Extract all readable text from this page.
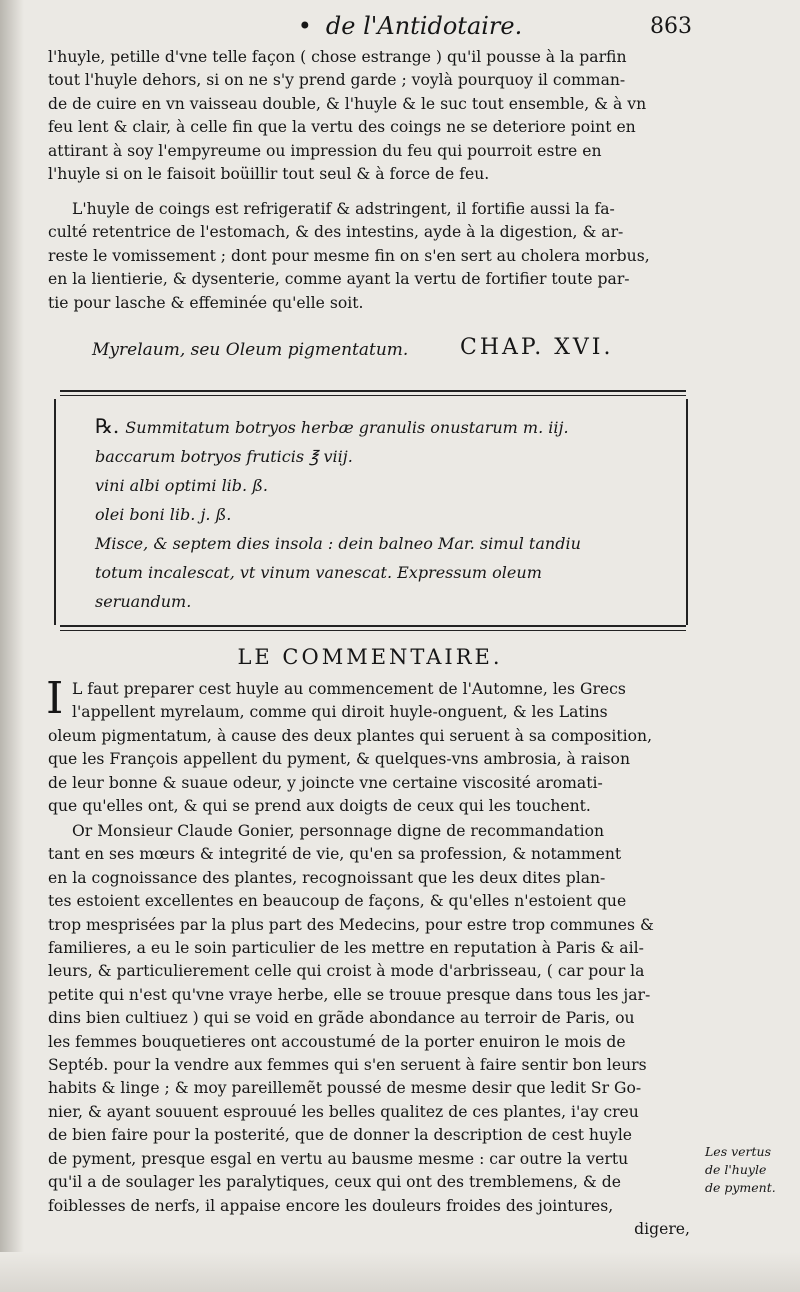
• de l'Antidotaire.	863
l'huyle, petille d'vne telle façon ( chose estrange ) qu'il pousse à la parfin
tout l'huyle dehors, si on ne s'y prend garde ; voylà pourquoy il comman-
de de cuire en vn vaisseau double, & l'huyle & le suc tout ensemble, & à vn
feu lent & clair, à celle fin que la vertu des coings ne se deteriore point en
attirant à soy l'empyreume ou impression du feu qui pourroit estre en
l'huyle si on le faisoit boüillir tout seul & à force de feu.
L'huyle de coings est refrigeratif & adstringent, il fortifie aussi la fa-
culté retentrice de l'estomach, & des intestins, ayde à la digestion, & ar-
reste le vomissement ; dont pour mesme fin on s'en sert au cholera morbus,
en la lientierie, & dysenterie, comme ayant la vertu de fortifier toute par-
tie pour lasche & effeminée qu'elle soit.
Myrelaum, seu Oleum pigmentatum. CHAP. XVI.
℞. Summitatum botryos herbæ granulis onustarum m. iij.
baccarum botryos fruticis ℥ viij.
vini albi optimi lib. ß.
olei boni lib. j. ß.
Misce, & septem dies insola : dein balneo Mar. simul tandiu
totum incalescat, vt vinum vanescat. Expressum oleum
seruandum.
LE COMMENTAIRE.
I L faut preparer cest huyle au commencement de l'Automne, les Grecs
l'appellent myrelaum, comme qui diroit huyle-onguent, & les Latins
oleum pigmentatum, à cause des deux plantes qui seruent à sa composition,
que les François appellent du pyment, & quelques-vns ambrosia, à raison
de leur bonne & suaue odeur, y joincte vne certaine viscosité aromati-
que qu'elles ont, & qui se prend aux doigts de ceux qui les touchent.
Or Monsieur Claude Gonier, personnage digne de recommandation
tant en ses mœurs & integrité de vie, qu'en sa profession, & notamment
en la cognoissance des plantes, recognoissant que les deux dites plan-
tes estoient excellentes en beaucoup de façons, & qu'elles n'estoient que
trop mesprisées par la plus part des Medecins, pour estre trop communes &
familieres, a eu le soin particulier de les mettre en reputation à Paris & ail-
leurs, & particulierement celle qui croist à mode d'arbrisseau, ( car pour la
petite qui n'est qu'vne vraye herbe, elle se trouue presque dans tous les jar-
dins bien cultiuez ) qui se void en grãde abondance au terroir de Paris, ou
les femmes bouquetieres ont accoustumé de la porter enuiron le mois de
Septéb. pour la vendre aux femmes qui s'en seruent à faire sentir bon leurs
habits & linge ; & moy pareillemẽt poussé de mesme desir que ledit Sr Go-
nier, & ayant souuent esprouué les belles qualitez de ces plantes, i'ay creu
de bien faire pour la posterité, que de donner la description de cest huyle
de pyment, presque esgal en vertu au bausme mesme : car outre la vertu
qu'il a de soulager les paralytiques, ceux qui ont des tremblemens, & de
foiblesses de nerfs, il appaise encore les douleurs froides des jointures,
digere,
Les vertus
de l'huyle
de pyment.
